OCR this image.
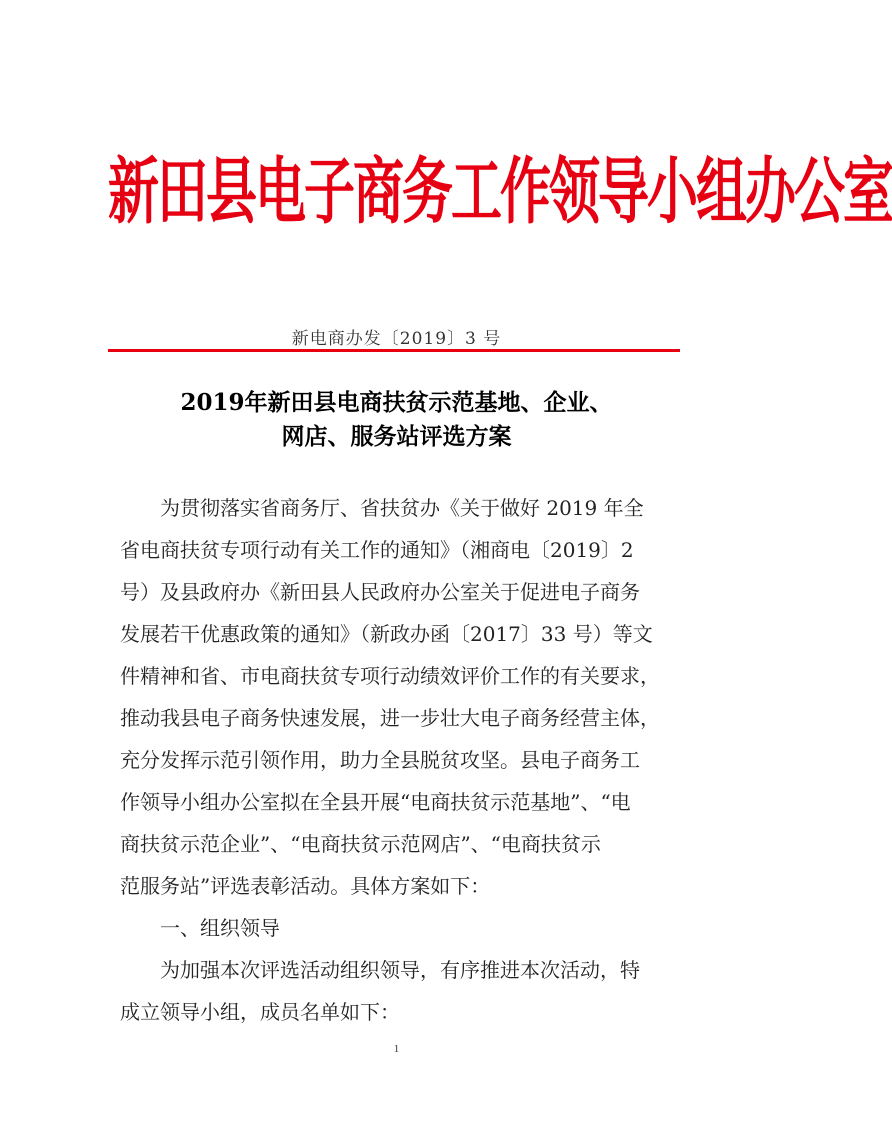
新田县电子商务工作领导小组办公室
新电商办发〔2019〕3 号
2019年新田县电商扶贫示范基地、企业、
网店、服务站评选方案
　　为贯彻落实省商务厅、省扶贫办《关于做好 2019 年全
省电商扶贫专项行动有关工作的通知》（湘商电〔2019〕2
号）及县政府办《新田县人民政府办公室关于促进电子商务
发展若干优惠政策的通知》（新政办函〔2017〕33 号）等文
件精神和省、市电商扶贫专项行动绩效评价工作的有关要求，
推动我县电子商务快速发展，进一步壮大电子商务经营主体，
充分发挥示范引领作用，助力全县脱贫攻坚。县电子商务工
作领导小组办公室拟在全县开展“电商扶贫示范基地”、“电
商扶贫示范企业”、“电商扶贫示范网店”、“电商扶贫示
范服务站”评选表彰活动。具体方案如下：
　　一、组织领导
　　为加强本次评选活动组织领导，有序推进本次活动，特
1
成立领导小组，成员名单如下：
